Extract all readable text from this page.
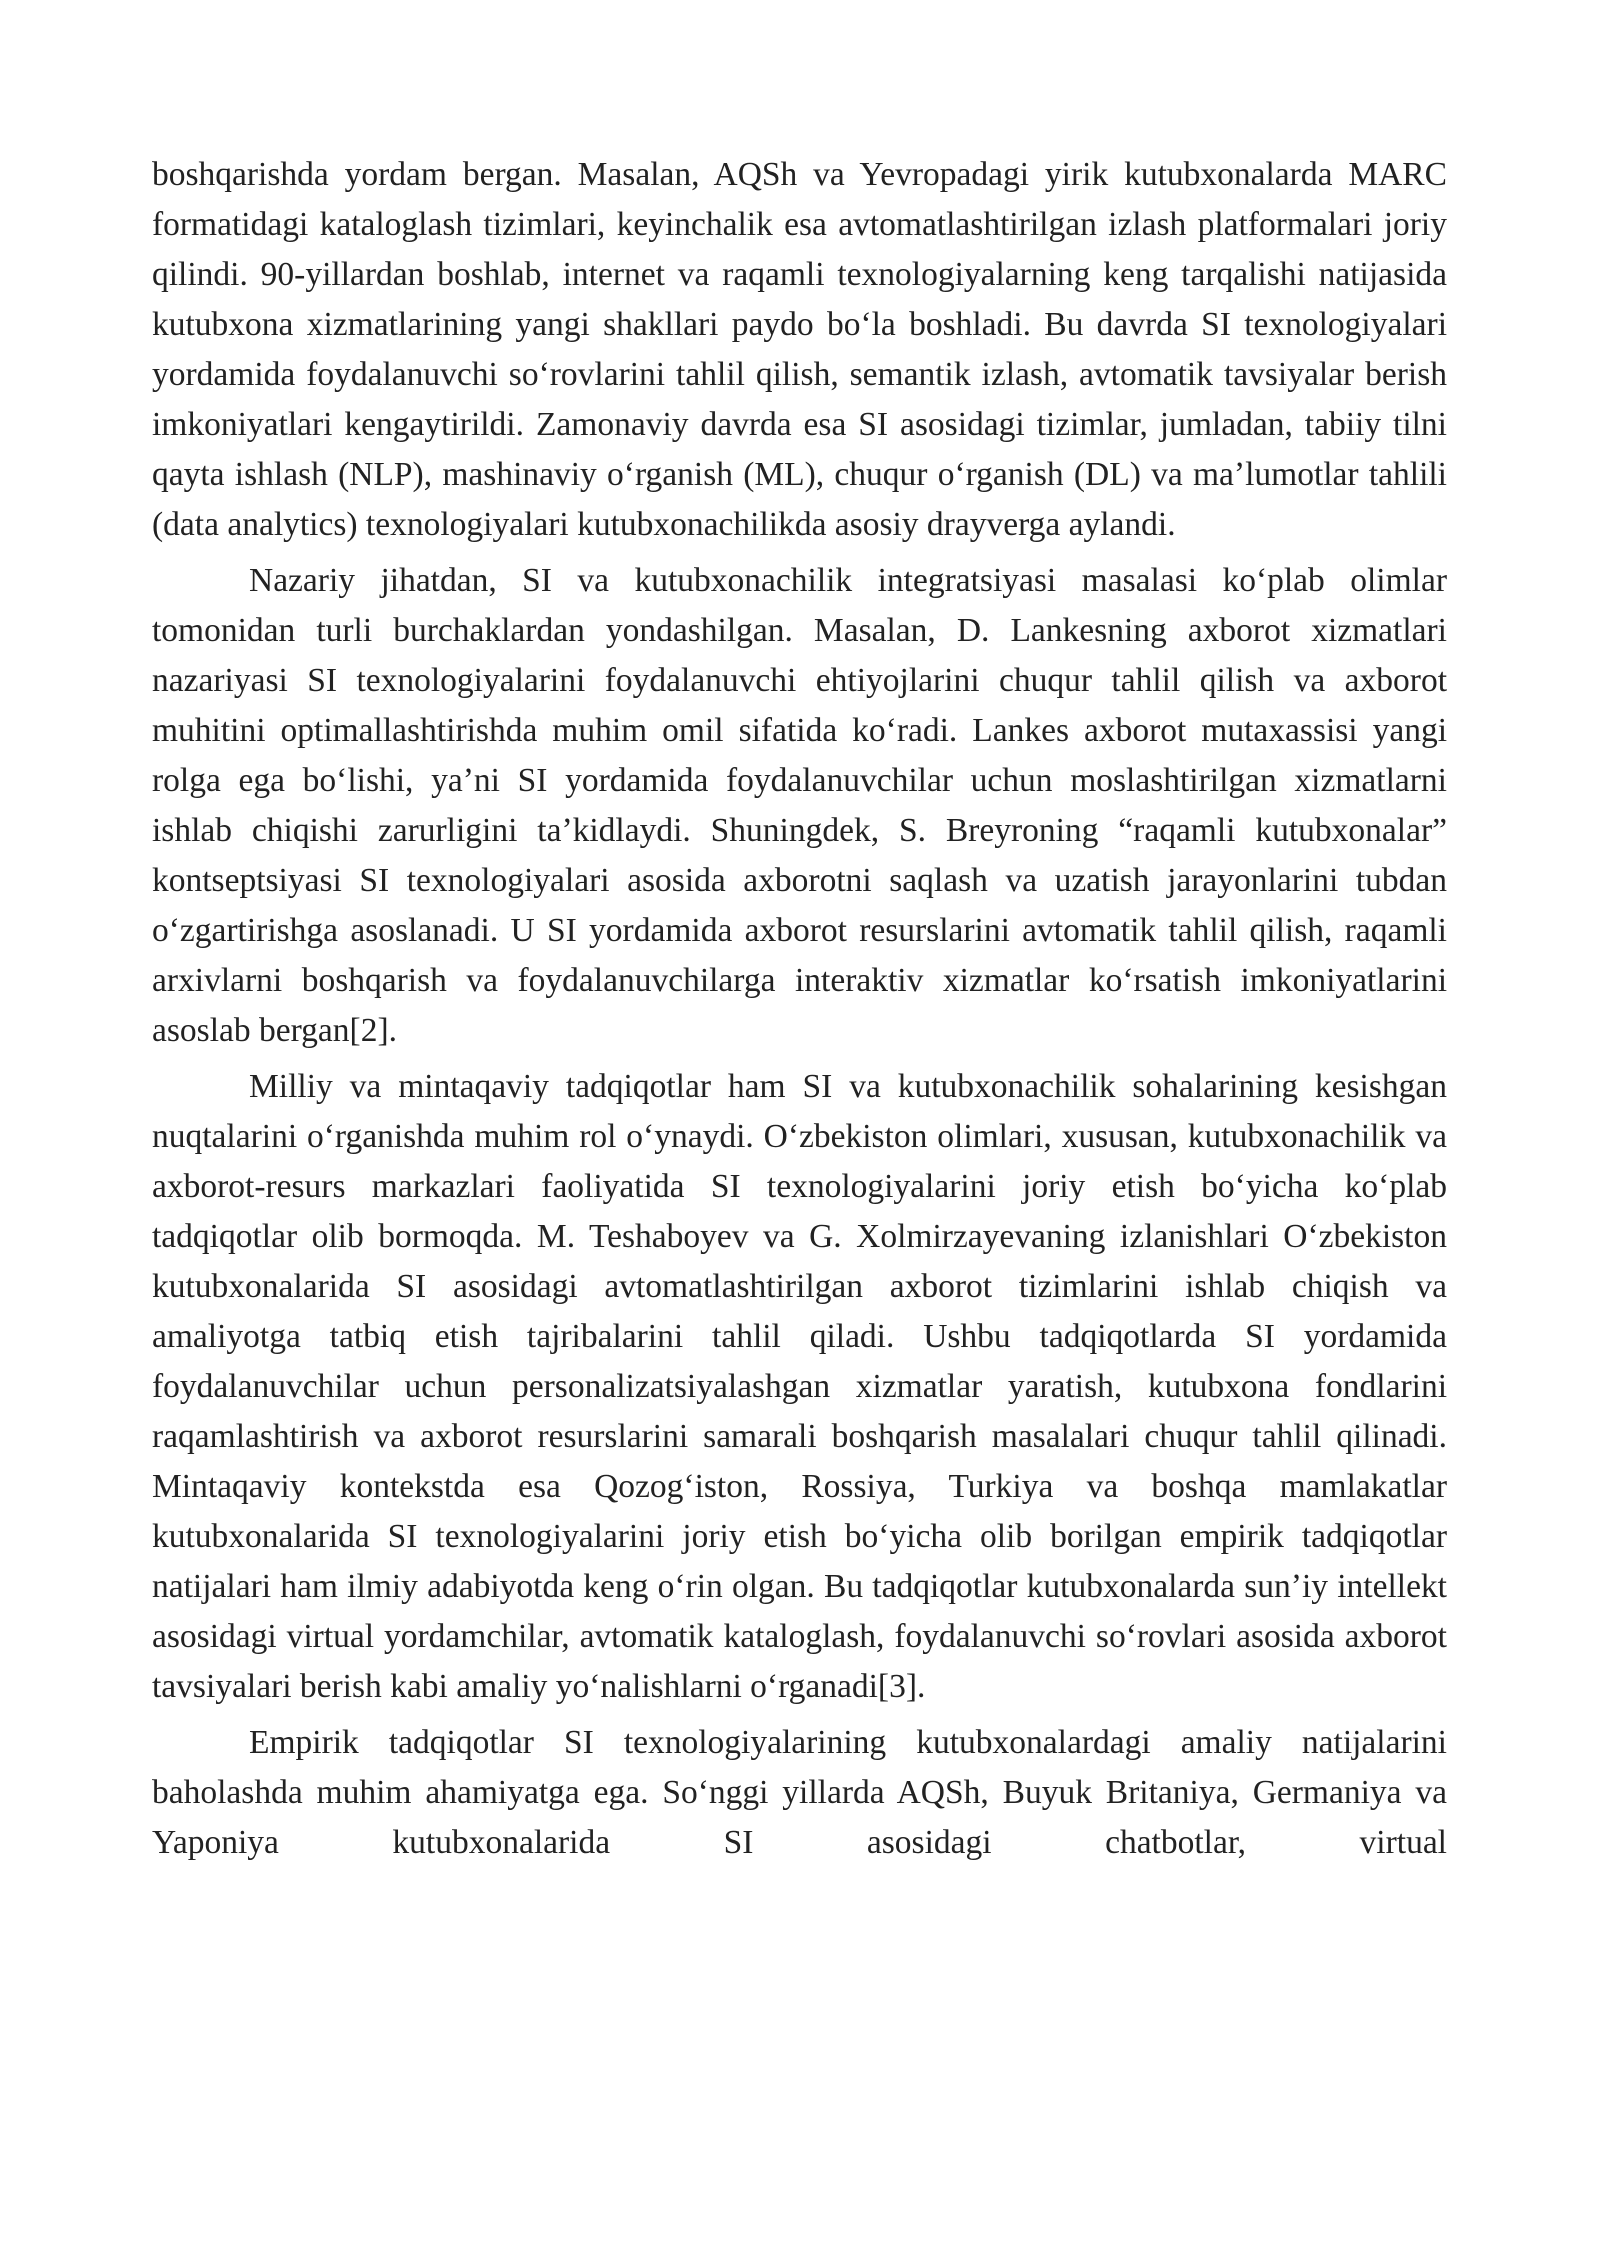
boshqarishda yordam bergan. Masalan, AQSh va Yevropadagi yirik kutubxonalarda MARC formatidagi kataloglash tizimlari, keyinchalik esa avtomatlashtirilgan izlash platformalari joriy qilindi. 90-yillardan boshlab, internet va raqamli texnologiyalarning keng tarqalishi natijasida kutubxona xizmatlarining yangi shakllari paydo boʻla boshladi. Bu davrda SI texnologiyalari yordamida foydalanuvchi soʻrovlarini tahlil qilish, semantik izlash, avtomatik tavsiyalar berish imkoniyatlari kengaytirildi. Zamonaviy davrda esa SI asosidagi tizimlar, jumladan, tabiiy tilni qayta ishlash (NLP), mashinaviy oʻrganish (ML), chuqur oʻrganish (DL) va maʼlumotlar tahlili (data analytics) texnologiyalari kutubxonachilikda asosiy drayverga aylandi.

Nazariy jihatdan, SI va kutubxonachilik integratsiyasi masalasi koʻplab olimlar tomonidan turli burchaklardan yondashilgan. Masalan, D. Lankesning axborot xizmatlari nazariyasi SI texnologiyalarini foydalanuvchi ehtiyojlarini chuqur tahlil qilish va axborot muhitini optimallashtirishda muhim omil sifatida koʻradi. Lankes axborot mutaxassisi yangi rolga ega boʻlishi, yaʼni SI yordamida foydalanuvchilar uchun moslashtirilgan xizmatlarni ishlab chiqishi zarurligini taʼkidlaydi. Shuningdek, S. Breyroning “raqamli kutubxonalar” kontseptsiyasi SI texnologiyalari asosida axborotni saqlash va uzatish jarayonlarini tubdan oʻzgartirishga asoslanadi. U SI yordamida axborot resurslarini avtomatik tahlil qilish, raqamli arxivlarni boshqarish va foydalanuvchilarga interaktiv xizmatlar koʻrsatish imkoniyatlarini asoslab bergan[2].

Milliy va mintaqaviy tadqiqotlar ham SI va kutubxonachilik sohalarining kesishgan nuqtalarini oʻrganishda muhim rol oʻynaydi. Oʻzbekiston olimlari, xususan, kutubxonachilik va axborot-resurs markazlari faoliyatida SI texnologiyalarini joriy etish boʻyicha koʻplab tadqiqotlar olib bormoqda. M. Teshaboyev va G. Xolmirzayevaning izlanishlari Oʻzbekiston kutubxonalarida SI asosidagi avtomatlashtirilgan axborot tizimlarini ishlab chiqish va amaliyotga tatbiq etish tajribalarini tahlil qiladi. Ushbu tadqiqotlarda SI yordamida foydalanuvchilar uchun personalizatsiyalashgan xizmatlar yaratish, kutubxona fondlarini raqamlashtirish va axborot resurslarini samarali boshqarish masalalari chuqur tahlil qilinadi. Mintaqaviy kontekstda esa Qozogʻiston, Rossiya, Turkiya va boshqa mamlakatlar kutubxonalarida SI texnologiyalarini joriy etish boʻyicha olib borilgan empirik tadqiqotlar natijalari ham ilmiy adabiyotda keng oʻrin olgan. Bu tadqiqotlar kutubxonalarda sunʼiy intellekt asosidagi virtual yordamchilar, avtomatik kataloglash, foydalanuvchi soʻrovlari asosida axborot tavsiyalari berish kabi amaliy yoʻnalishlarni oʻrganadi[3].

Empirik tadqiqotlar SI texnologiyalarining kutubxonalardagi amaliy natijalarini baholashda muhim ahamiyatga ega. Soʻnggi yillarda AQSh, Buyuk Britaniya, Germaniya va Yaponiya kutubxonalarida SI asosidagi chatbotlar, virtual
